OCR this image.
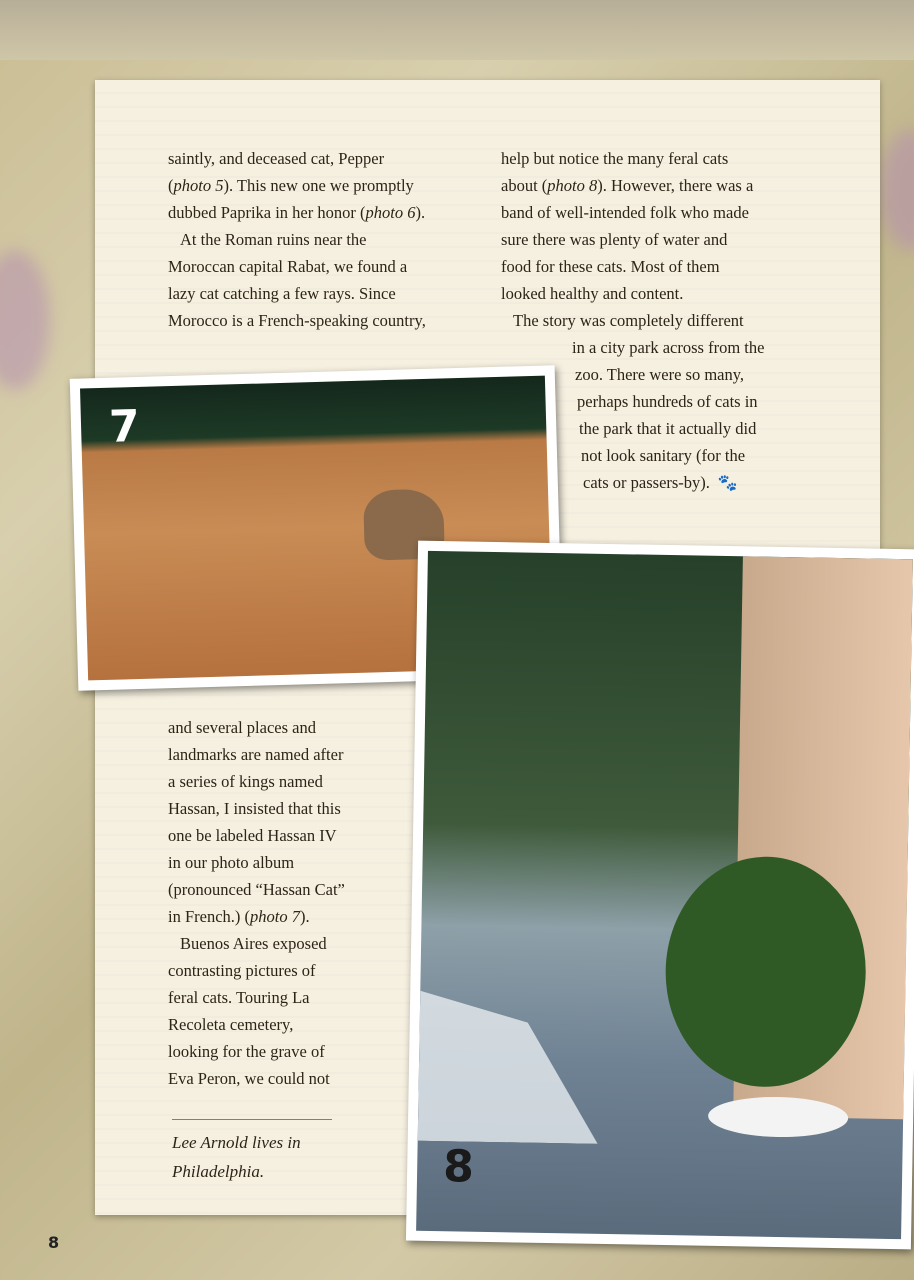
saintly, and deceased cat, Pepper

(photo 5). This new one we promptly

dubbed Paprika in her honor (photo 6).

At the Roman ruins near the

Moroccan capital Rabat, we found a

lazy cat catching a few rays. Since

Morocco is a French-speaking country,

help but notice the many feral cats

about (photo 8). However, there was a

band of well-intended folk who made

sure there was plenty of water and

food for these cats. Most of them

looked healthy and content.

The story was completely different

in a city park across from the

zoo. There were so many,

perhaps hundreds of cats in

the park that it actually did

not look sanitary (for the

cats or passers-by). 🐾

7
8

and several places and

landmarks are named after

a series of kings named

Hassan, I insisted that this

one be labeled Hassan IV

in our photo album

(pronounced “Hassan Cat”

in French.) (photo 7).

Buenos Aires exposed

contrasting pictures of

feral cats. Touring La

Recoleta cemetery,

looking for the grave of

Eva Peron, we could not

Lee Arnold lives in

Philadelphia.

8
